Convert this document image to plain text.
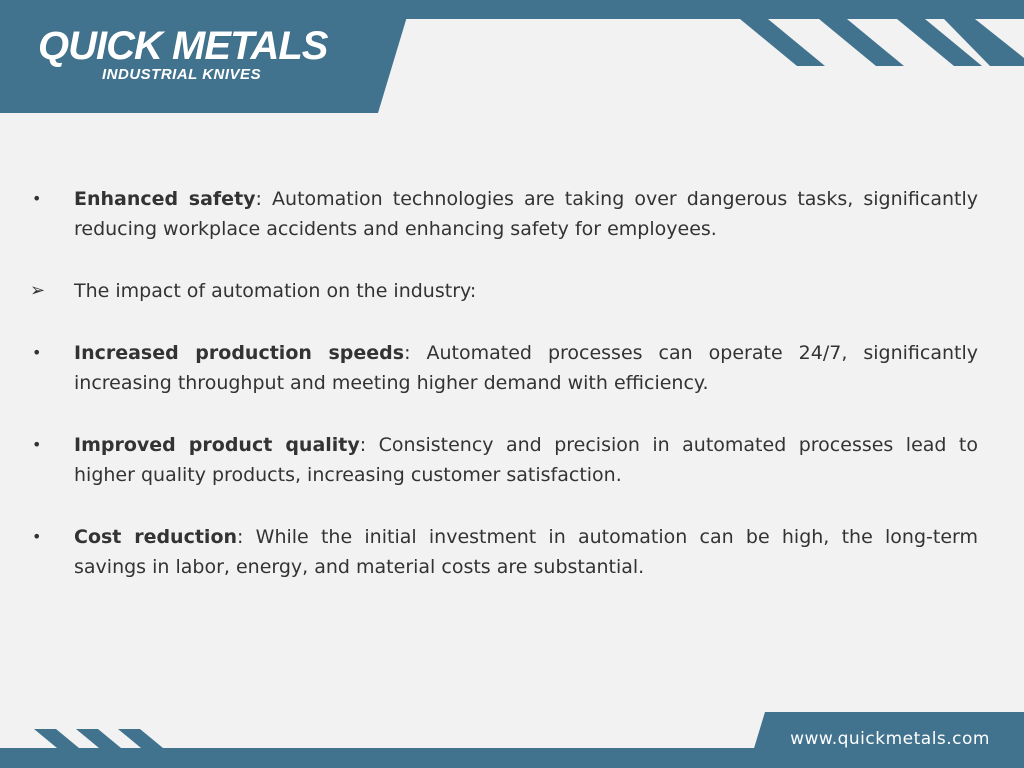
QUICK METALS
INDUSTRIAL KNIVES
•	Enhanced safety: Automation technologies are taking over dangerous tasks, significantly reducing workplace accidents and enhancing safety for employees.
➢	The impact of automation on the industry:
•	Increased production speeds: Automated processes can operate 24/7, significantly increasing throughput and meeting higher demand with efficiency.
•	Improved product quality: Consistency and precision in automated processes lead to higher quality products, increasing customer satisfaction.
•	Cost reduction: While the initial investment in automation can be high, the long-term savings in labor, energy, and material costs are substantial.
www.quickmetals.com
